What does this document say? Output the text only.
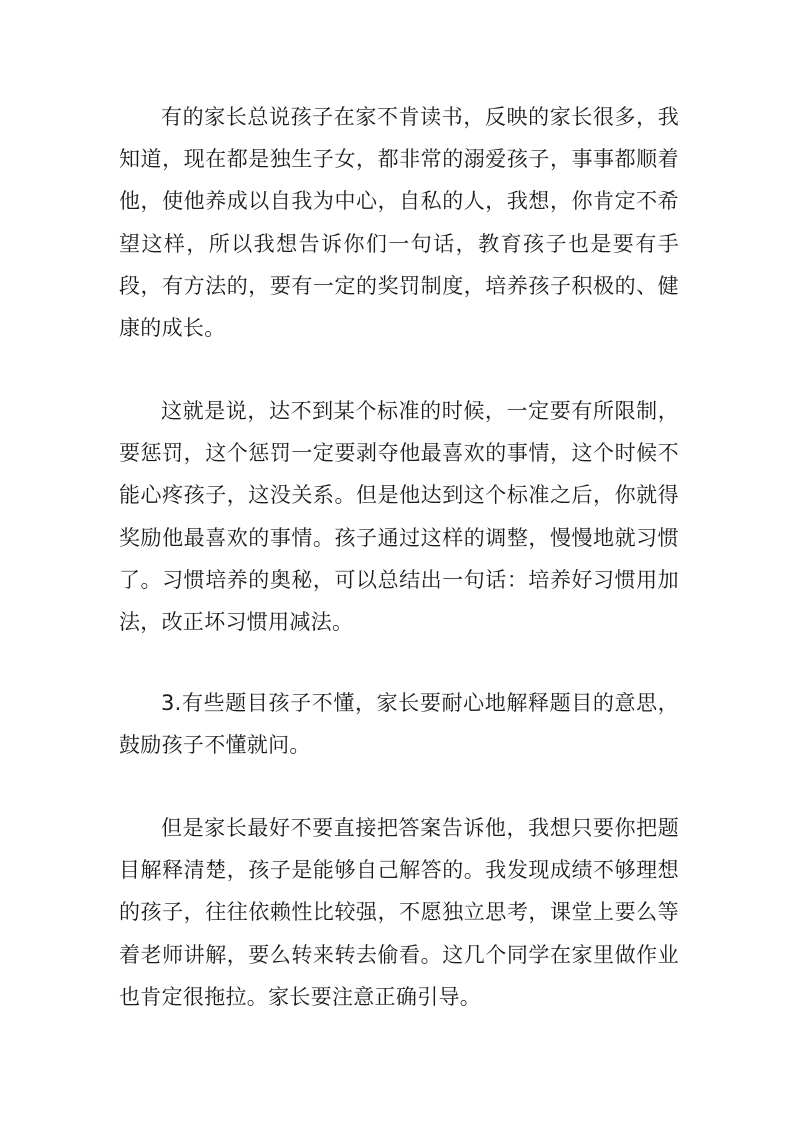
有的家长总说孩子在家不肯读书，反映的家长很多，我知道，现在都是独生子女，都非常的溺爱孩子，事事都顺着他，使他养成以自我为中心，自私的人，我想，你肯定不希望这样，所以我想告诉你们一句话，教育孩子也是要有手段，有方法的，要有一定的奖罚制度，培养孩子积极的、健康的成长。

这就是说，达不到某个标准的时候，一定要有所限制，要惩罚，这个惩罚一定要剥夺他最喜欢的事情，这个时候不能心疼孩子，这没关系。但是他达到这个标准之后，你就得奖励他最喜欢的事情。孩子通过这样的调整，慢慢地就习惯了。习惯培养的奥秘，可以总结出一句话：培养好习惯用加法，改正坏习惯用减法。

3.有些题目孩子不懂，家长要耐心地解释题目的意思，鼓励孩子不懂就问。

但是家长最好不要直接把答案告诉他，我想只要你把题目解释清楚，孩子是能够自己解答的。我发现成绩不够理想的孩子，往往依赖性比较强，不愿独立思考，课堂上要么等着老师讲解，要么转来转去偷看。这几个同学在家里做作业也肯定很拖拉。家长要注意正确引导。
